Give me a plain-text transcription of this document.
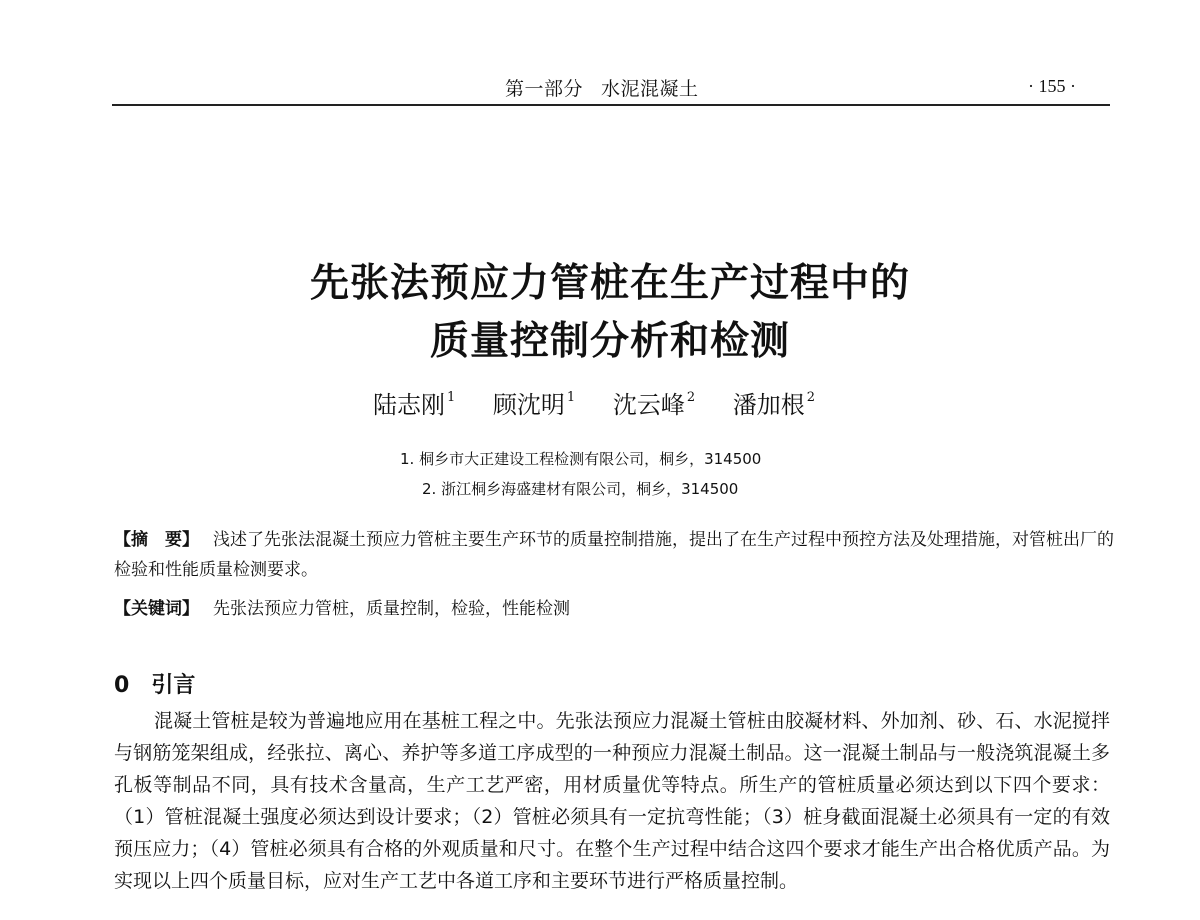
第一部分 水泥混凝土	· 155 ·
先张法预应力管桩在生产过程中的
质量控制分析和检测
陆志刚 $^1$ 顾沈明 $^1$ 沈云峰 $^2$ 潘加根 $^2$
1. 桐乡市大正建设工程检测有限公司，桐乡，314500
2. 浙江桐乡海盛建材有限公司，桐乡，314500
【摘　要】 浅述了先张法混凝土预应力管桩主要生产环节的质量控制措施，提出了在生产过程中预控方法及处理措施，对管桩出厂的检验和性能质量检测要求。
【关键词】 先张法预应力管桩，质量控制，检验，性能检测
0 引言
混凝土管桩是较为普遍地应用在基桩工程之中。先张法预应力混凝土管桩由胶凝材料、外加剂、砂、石、水泥搅拌与钢筋笼架组成，经张拉、离心、养护等多道工序成型的一种预应力混凝土制品。这一混凝土制品与一般浇筑混凝土多孔板等制品不同，具有技术含量高，生产工艺严密，用材质量优等特点。所生产的管桩质量必须达到以下四个要求：（1）管桩混凝土强度必须达到设计要求；（2）管桩必须具有一定抗弯性能；（3）桩身截面混凝土必须具有一定的有效预压应力；（4）管桩必须具有合格的外观质量和尺寸。在整个生产过程中结合这四个要求才能生产出合格优质产品。为实现以上四个质量目标，应对生产工艺中各道工序和主要环节进行严格质量控制。
